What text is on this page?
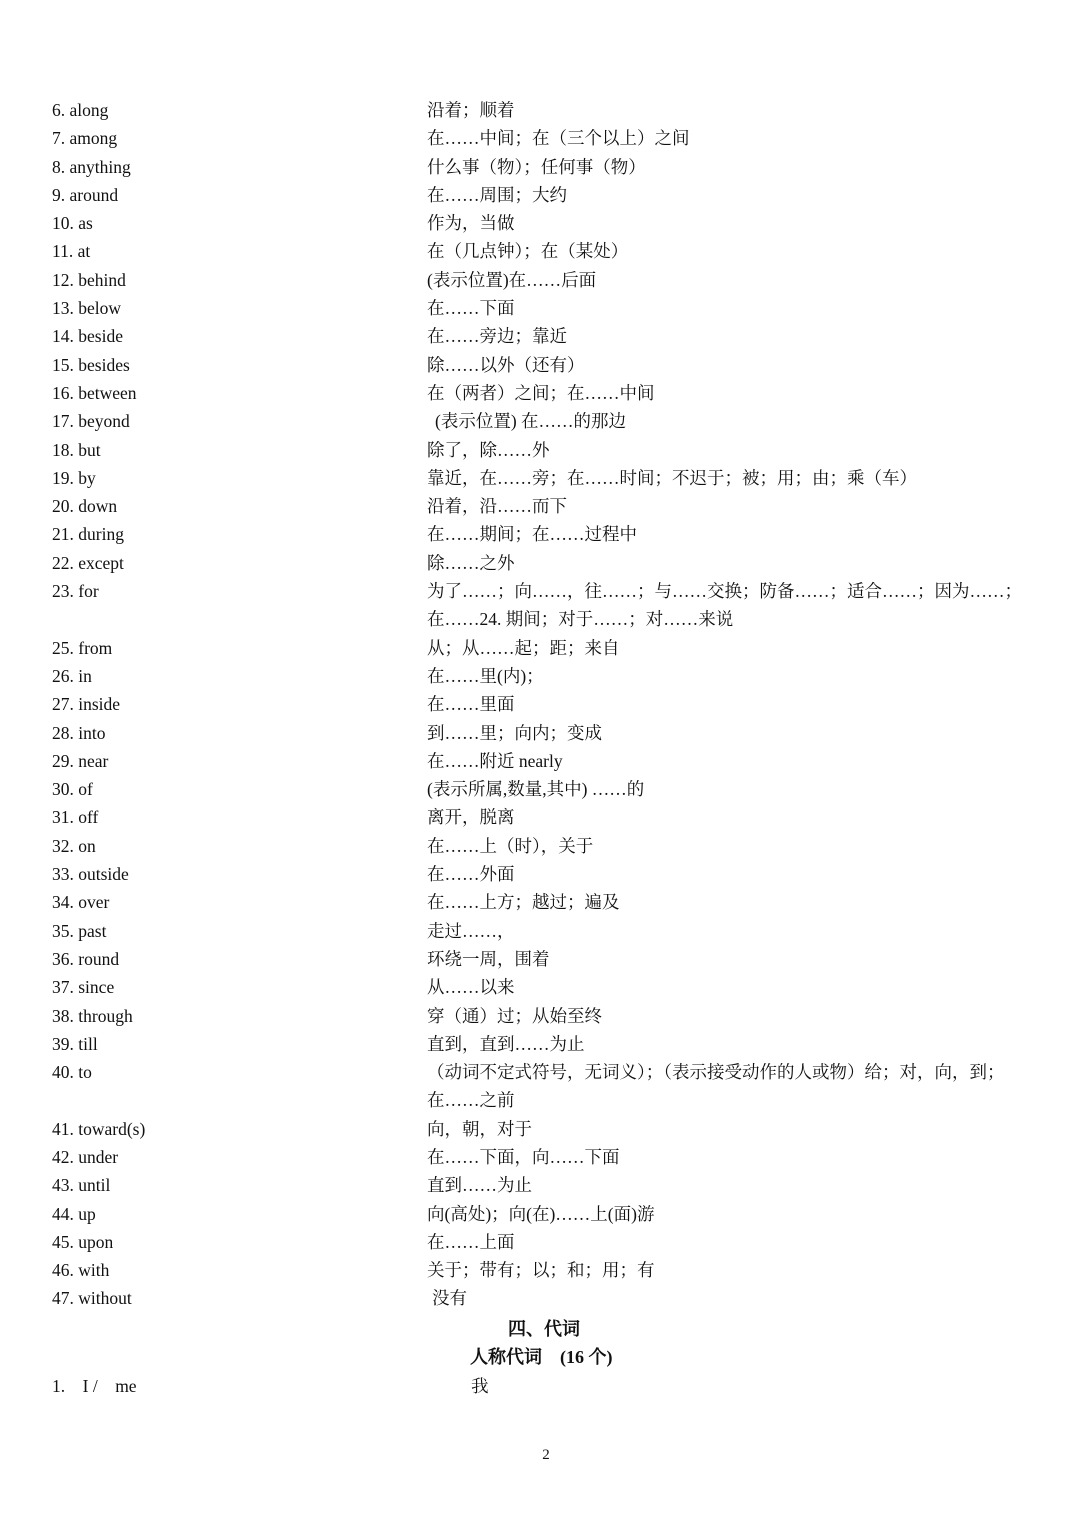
6. along	沿着；顺着
7. among	在……中间；在（三个以上）之间
8. anything	什么事（物）；任何事（物）
9. around	在……周围；大约
10. as	作为，当做
11. at	在（几点钟）；在（某处）
12. behind	(表示位置)在……后面
13. below	在……下面
14. beside	在……旁边；靠近
15. besides	除……以外（还有）
16. between	在（两者）之间；在……中间
17. beyond	(表示位置) 在……的那边
18. but	除了，除……外
19. by	靠近，在……旁；在……时间；不迟于；被；用；由；乘（车）
20. down	沿着，沿……而下
21. during	在……期间；在……过程中
22. except	除……之外
23. for	为了……；向……，往……；与……交换；防备……；适合……；因为……；在……24. 期间；对于……；对……来说
25. from	从；从……起；距；来自
26. in	在……里(内)；
27. inside	在……里面
28. into	到……里；向内；变成
29. near	在……附近 nearly
30. of	(表示所属,数量,其中) ……的
31. off	离开，脱离
32. on	在……上（时），关于
33. outside	在……外面
34. over	在……上方；越过；遍及
35. past	走过……，
36. round	环绕一周，围着
37. since	从……以来
38. through	穿（通）过；从始至终
39. till	直到，直到……为止
40. to	（动词不定式符号，无词义）；（表示接受动作的人或物）给；对，向，到；在……之前
41. toward(s)	向，朝，对于
42. under	在……下面，向……下面
43. until	直到……为止
44. up	向(高处)；向(在)……上(面)游
45. upon	在……上面
46. with	关于；带有；以；和；用；有
47. without	没有
四、代词
人称代词　(16 个)
1.　I /　me	我
2
